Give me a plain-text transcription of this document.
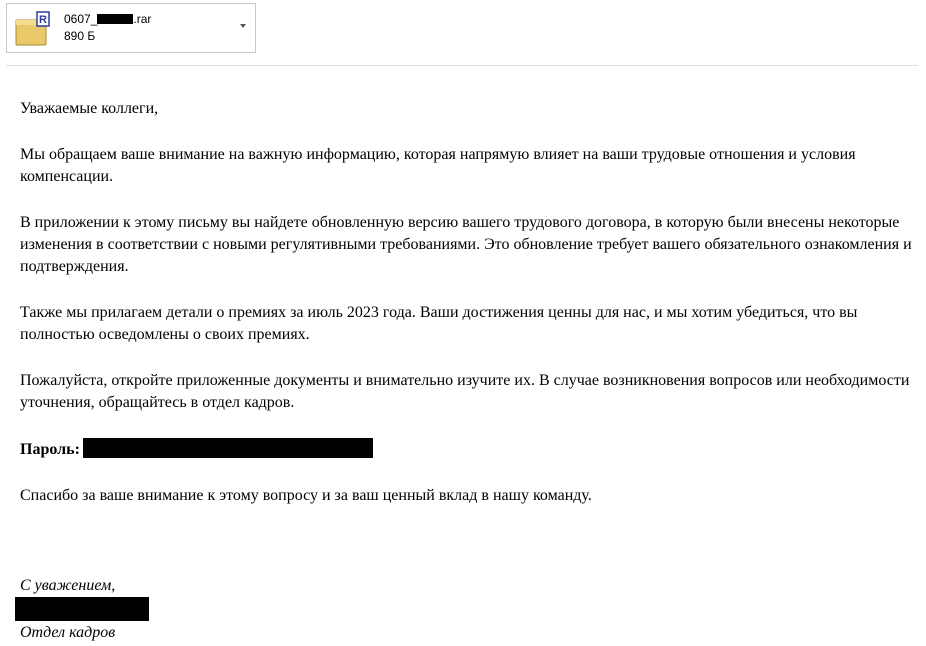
R 0607_	.rar
890 Б

Уважаемые коллеги,

Мы обращаем ваше внимание на важную информацию, которая напрямую влияет на ваши трудовые отношения и условия компенсации.

В приложении к этому письму вы найдете обновленную версию вашего трудового договора, в которую были внесены некоторые изменения в соответствии с новыми регулятивными требованиями. Это обновление требует вашего обязательного ознакомления и подтверждения.

Также мы прилагаем детали о премиях за июль 2023 года. Ваши достижения ценны для нас, и мы хотим убедиться, что вы полностью осведомлены о своих премиях.

Пожалуйста, откройте приложенные документы и внимательно изучите их. В случае возникновения вопросов или необходимости уточнения, обращайтесь в отдел кадров.

Пароль:

Спасибо за ваше внимание к этому вопросу и за ваш ценный вклад в нашу команду.

С уважением,
Отдел кадров
